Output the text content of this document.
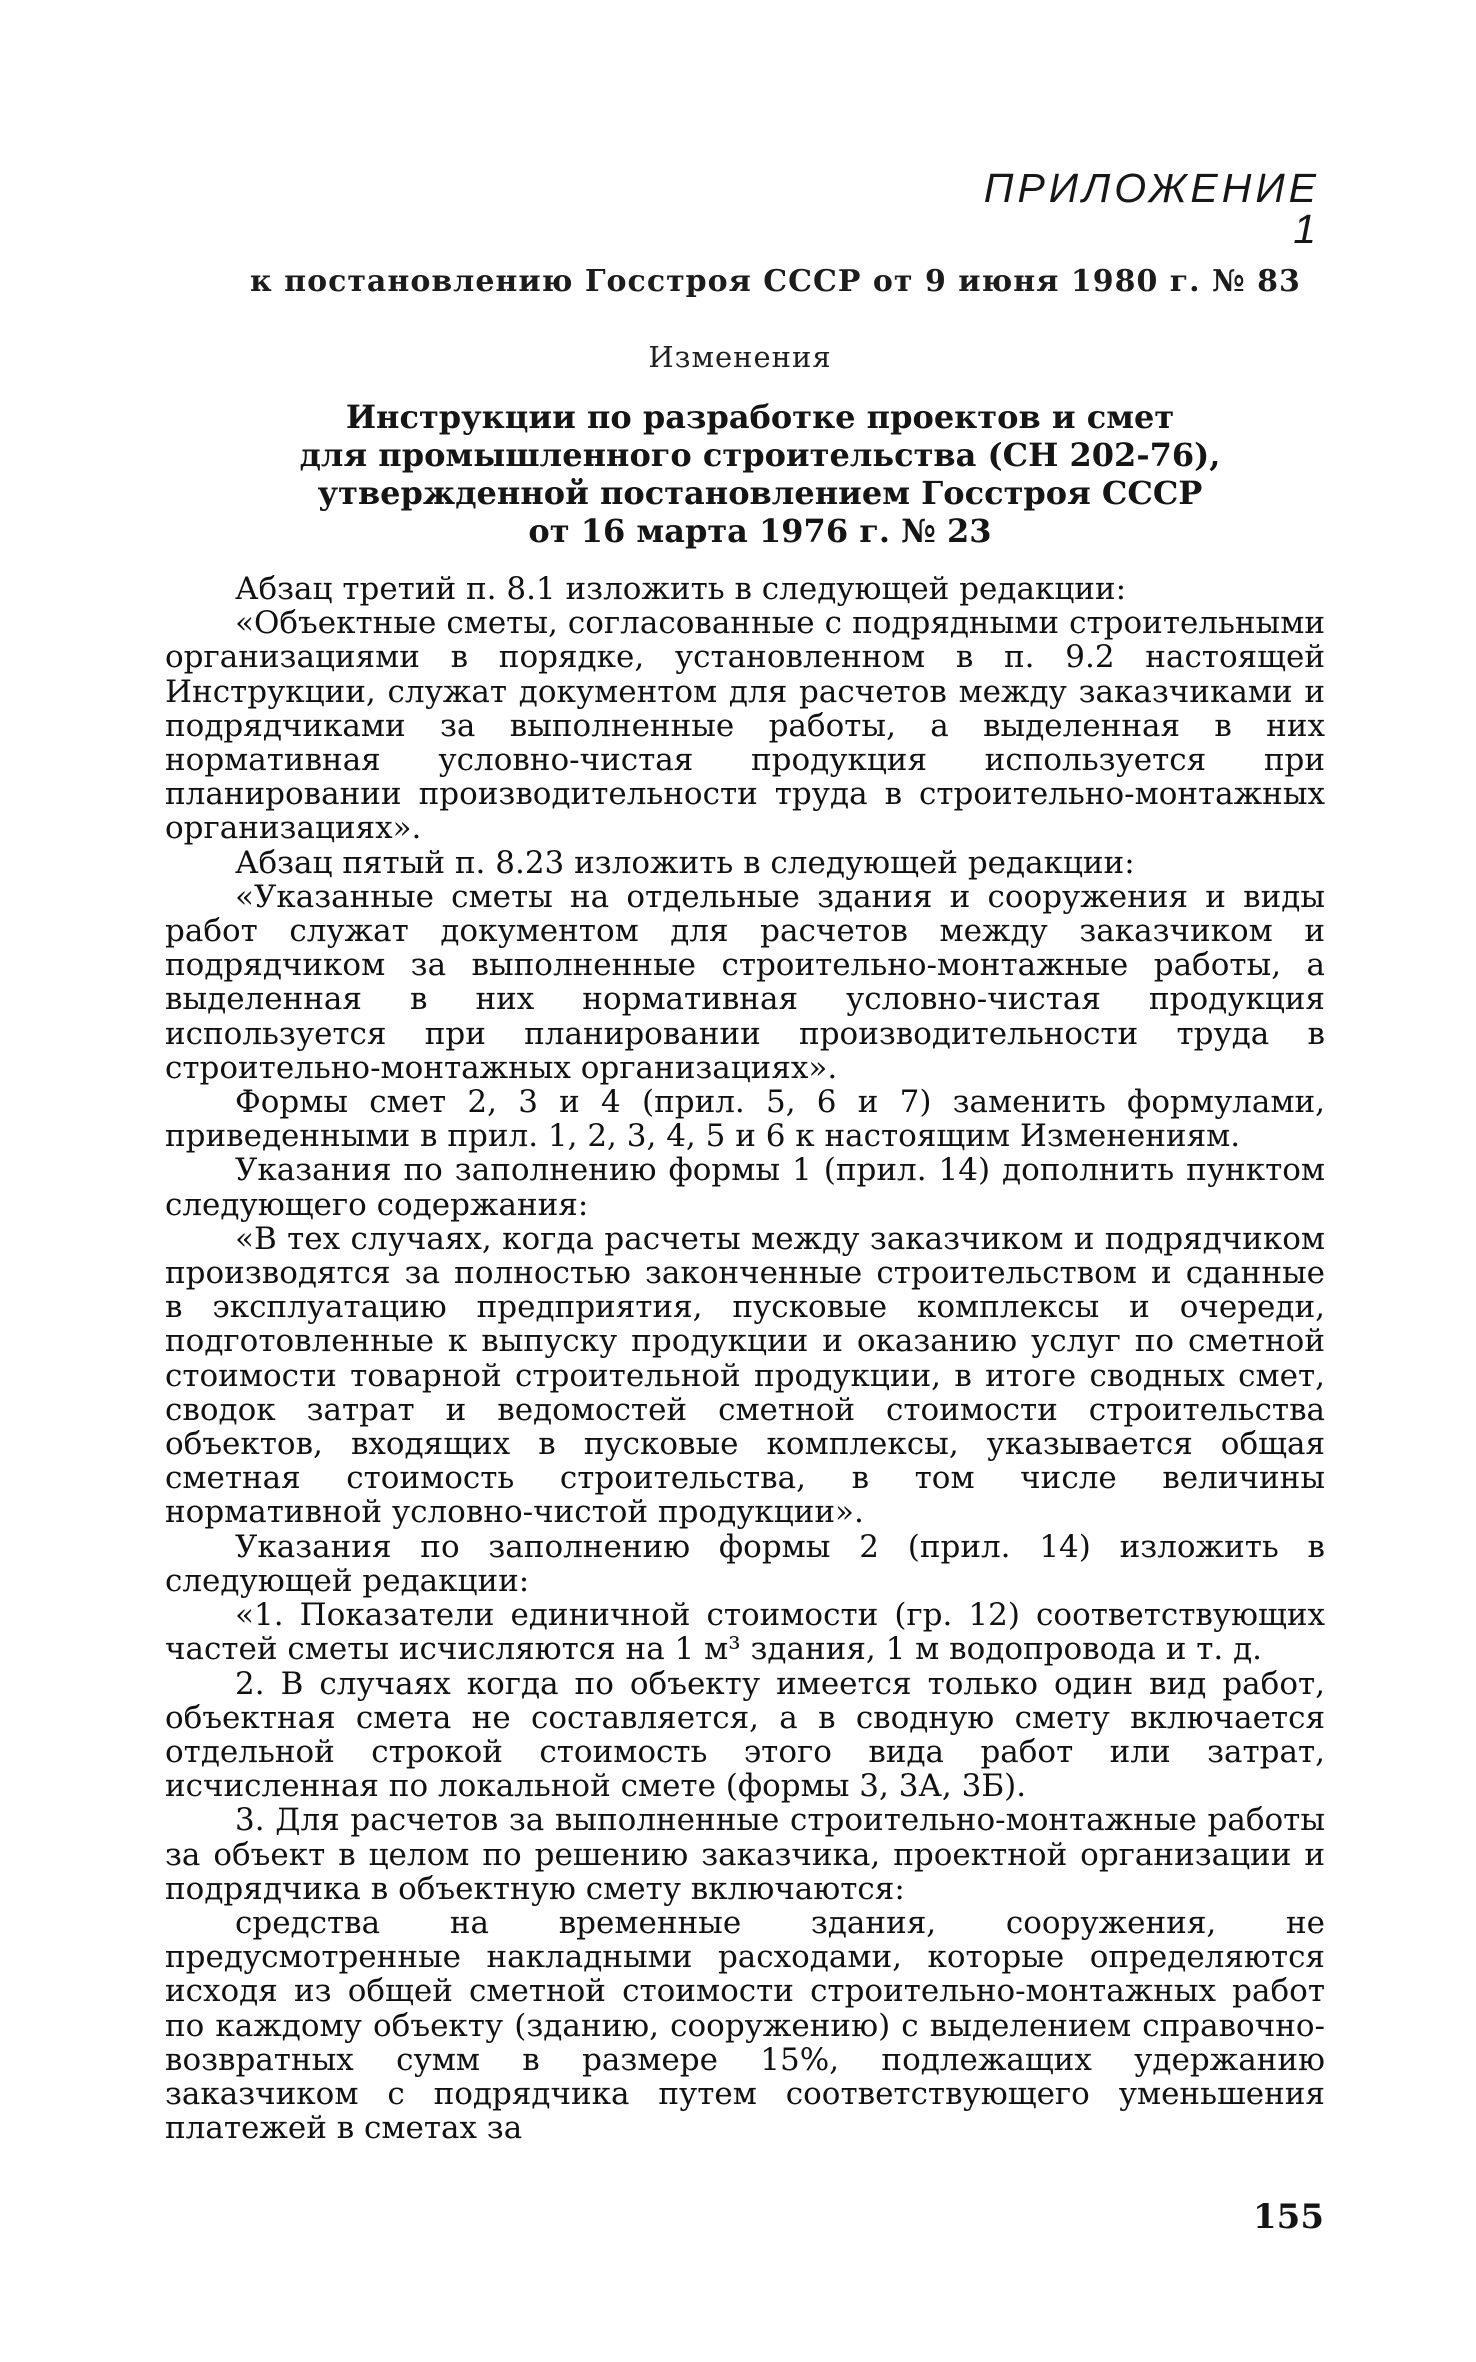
ПРИЛОЖЕНИЕ 1
к постановлению Госстроя СССР от 9 июня 1980 г. № 83
Изменения
Инструкции по разработке проектов и смет
для промышленного строительства (СН 202-76),
утвержденной постановлением Госстроя СССР
от 16 марта 1976 г. № 23

Абзац третий п. 8.1 изложить в следующей редакции:

«Объектные сметы, согласованные с подрядными строительными организациями в порядке, установленном в п. 9.2 настоящей Инструкции, служат документом для расчетов между заказчиками и подрядчиками за выполненные работы, а выделенная в них нормативная условно-чистая продукция используется при планировании производительности труда в строительно-монтажных организациях».

Абзац пятый п. 8.23 изложить в следующей редакции:

«Указанные сметы на отдельные здания и сооружения и виды работ служат документом для расчетов между заказчиком и подрядчиком за выполненные строительно-монтажные работы, а выделенная в них нормативная условно-чистая продукция используется при планировании производительности труда в строительно-монтажных организациях».

Формы смет 2, 3 и 4 (прил. 5, 6 и 7) заменить формулами, приведенными в прил. 1, 2, 3, 4, 5 и 6 к настоящим Изменениям.

Указания по заполнению формы 1 (прил. 14) дополнить пунктом следующего содержания:

«В тех случаях, когда расчеты между заказчиком и подрядчиком производятся за полностью законченные строительством и сданные в эксплуатацию предприятия, пусковые комплексы и очереди, подготовленные к выпуску продукции и оказанию услуг по сметной стоимости товарной строительной продукции, в итоге сводных смет, сводок затрат и ведомостей сметной стоимости строительства объектов, входящих в пусковые комплексы, указывается общая сметная стоимость строительства, в том числе величины нормативной условно-чистой продукции».

Указания по заполнению формы 2 (прил. 14) изложить в следующей редакции:

«1. Показатели единичной стоимости (гр. 12) соответствующих частей сметы исчисляются на 1 м³ здания, 1 м водопровода и т. д.

2. В случаях когда по объекту имеется только один вид работ, объектная смета не составляется, а в сводную смету включается отдельной строкой стоимость этого вида работ или затрат, исчисленная по локальной смете (формы 3, 3А, 3Б).

3. Для расчетов за выполненные строительно-монтажные работы за объект в целом по решению заказчика, проектной организации и подрядчика в объектную смету включаются:

средства на временные здания, сооружения, не предусмотренные накладными расходами, которые определяются исходя из общей сметной стоимости строительно-монтажных работ по каждому объекту (зданию, сооружению) с выделением справочно-возвратных сумм в размере 15%, подлежащих удержанию заказчиком с подрядчика путем соответствующего уменьшения платежей в сметах за

155
